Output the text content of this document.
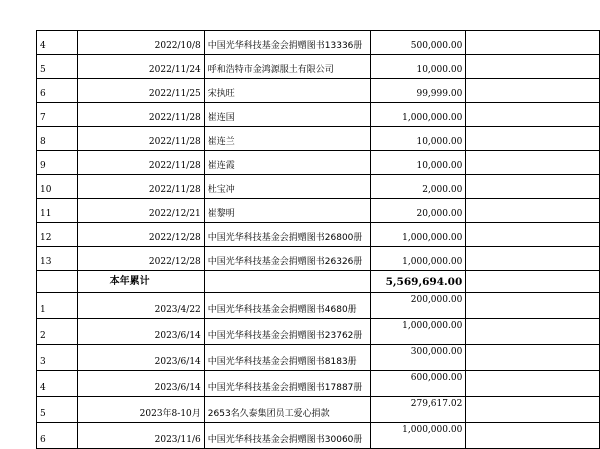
4	2022/10/8	中国光华科技基金会捐赠图书13336册	500,000.00	
5	2022/11/24	呼和浩特市金鸿源服土有限公司	10,000.00	
6	2022/11/25	宋执旺	99,999.00	
7	2022/11/28	崔连国	1,000,000.00	
8	2022/11/28	崔连兰	10,000.00	
9	2022/11/28	崔连霞	10,000.00	
10	2022/11/28	杜宝冲	2,000.00	
11	2022/12/21	崔黎明	20,000.00	
12	2022/12/28	中国光华科技基金会捐赠图书26800册	1,000,000.00	
13	2022/12/28	中国光华科技基金会捐赠图书26326册	1,000,000.00	
	本年累计		5,569,694.00	
1	2023/4/22	中国光华科技基金会捐赠图书4680册	200,000.00	
2	2023/6/14	中国光华科技基金会捐赠图书23762册	1,000,000.00	
3	2023/6/14	中国光华科技基金会捐赠图书8183册	300,000.00	
4	2023/6/14	中国光华科技基金会捐赠图书17887册	600,000.00	
5	2023年8-10月	2653名久泰集团员工爱心捐款	279,617.02	
6	2023/11/6	中国光华科技基金会捐赠图书30060册	1,000,000.00	
